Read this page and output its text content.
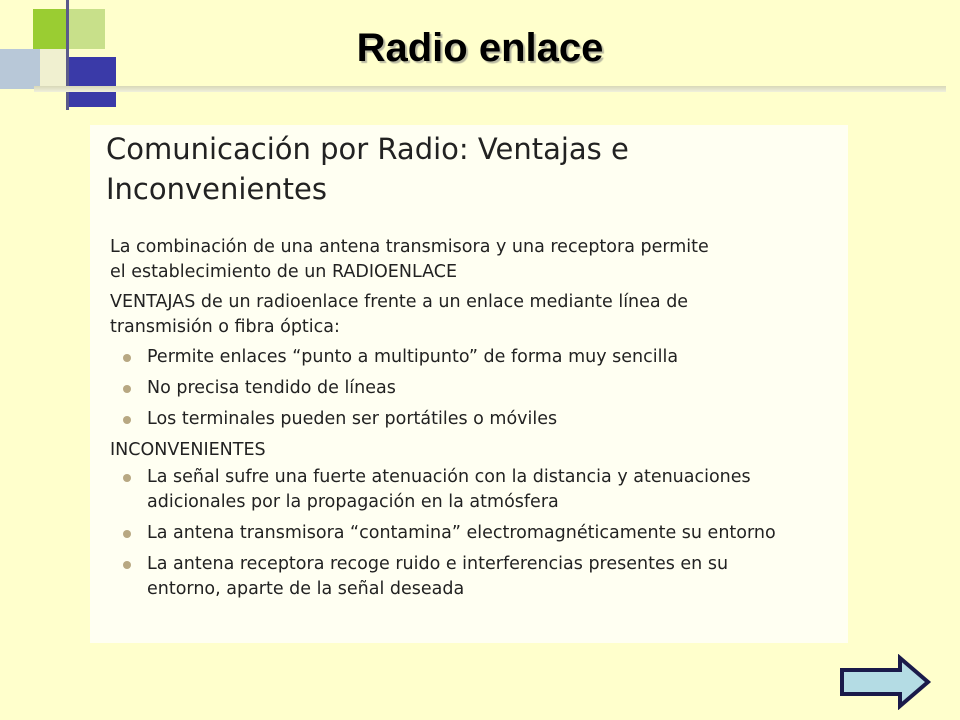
Radio enlace
Comunicación por Radio: Ventajas e
Inconvenientes

La combinación de una antena transmisora y una receptora permite
el establecimiento de un RADIOENLACE

VENTAJAS de un radioenlace frente a un enlace mediante línea de
transmisión o fibra óptica:

Permite enlaces “punto a multipunto” de forma muy sencilla
No precisa tendido de líneas
Los terminales pueden ser portátiles o móviles

INCONVENIENTES

La señal sufre una fuerte atenuación con la distancia y atenuaciones
adicionales por la propagación en la atmósfera
La antena transmisora “contamina” electromagnéticamente su entorno
La antena receptora recoge ruido e interferencias presentes en su
entorno, aparte de la señal deseada
